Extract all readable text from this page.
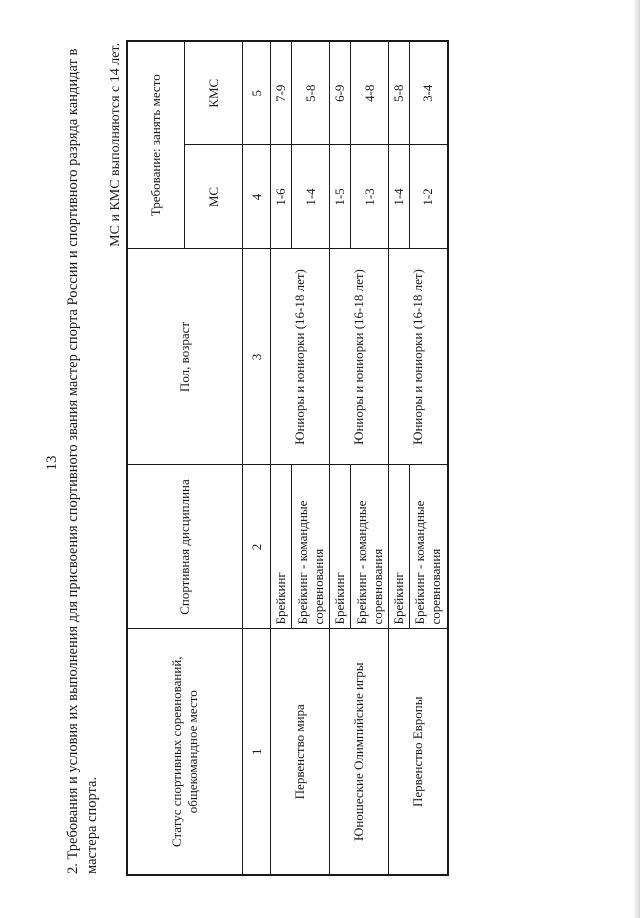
13 2. Требования и условия их выполнения для присвоения спортивного звания мастер спорта России и спортивного разряда кандидат в мастера спорта.
МС и КМС выполняются с 14 лет.
Статус спортивных соревнований, общекомандное место	Спортивная дисциплина	Пол, возраст	Требование: занять место	
			МС	КМС
1	2	3	4	5
Первенство мира	Брейкинг	Юниоры и юниорки (16-18 лет)	1-6	7-9
	Брейкинг - командные соревнования		1-4	5-8
Юношеские Олимпийские игры	Брейкинг	Юниоры и юниорки (16-18 лет)	1-5	6-9
	Брейкинг - командные соревнования		1-3	4-8
Первенство Европы	Брейкинг	Юниоры и юниорки (16-18 лет)	1-4	5-8
	Брейкинг - командные соревнования		1-2	3-4
